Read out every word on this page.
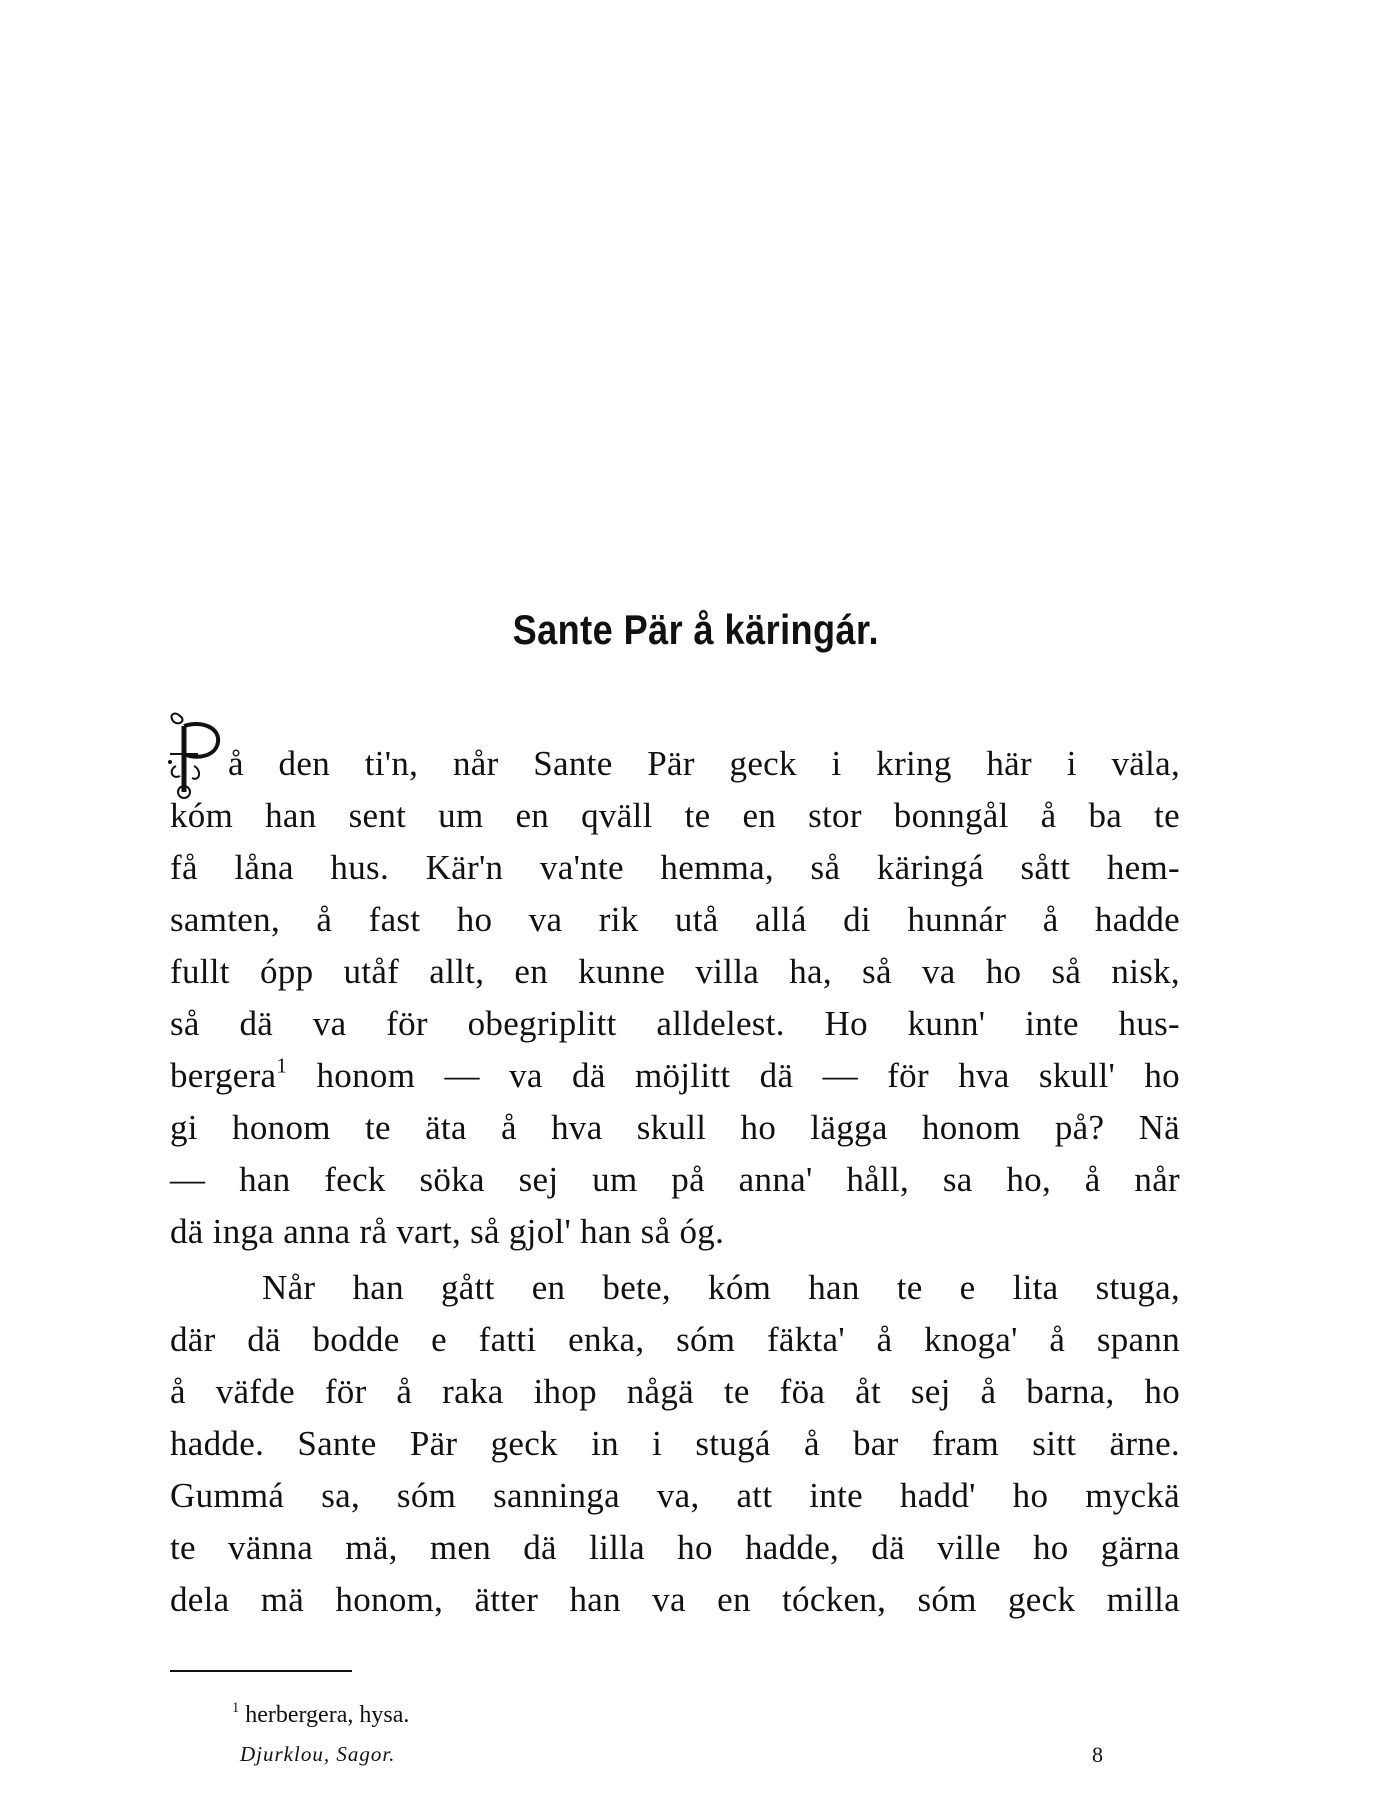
Sante Pär å käringár.
å den ti'n, når Sante Pär geck i kring här i väla,
kóm han sent um en qväll te en stor bonngål å ba te
få låna hus. Kär'n va'nte hemma, så käringá sått hem-
samten, å fast ho va rik utå allá di hunnár å hadde
fullt ópp utåf allt, en kunne villa ha, så va ho så nisk,
så dä va för obegriplitt alldelest. Ho kunn' inte hus-
bergera$^1$ honom — va dä möjlitt dä — för hva skull' ho
gi honom te äta å hva skull ho lägga honom på? Nä
— han feck söka sej um på anna' håll, sa ho, å når
dä inga anna rå vart, så gjol' han så óg.
Når han gått en bete, kóm han te e lita stuga,
där dä bodde e fatti enka, sóm fäkta' å knoga' å spann
å väfde för å raka ihop någä te föa åt sej å barna, ho
hadde. Sante Pär geck in i stugá å bar fram sitt ärne.
Gummá sa, sóm sanninga va, att inte hadd' ho myckä
te vänna mä, men dä lilla ho hadde, dä ville ho gärna
dela mä honom, ätter han va en tócken, sóm geck milla
$^1$ herbergera, hysa.
Djurklou, Sagor.	8
